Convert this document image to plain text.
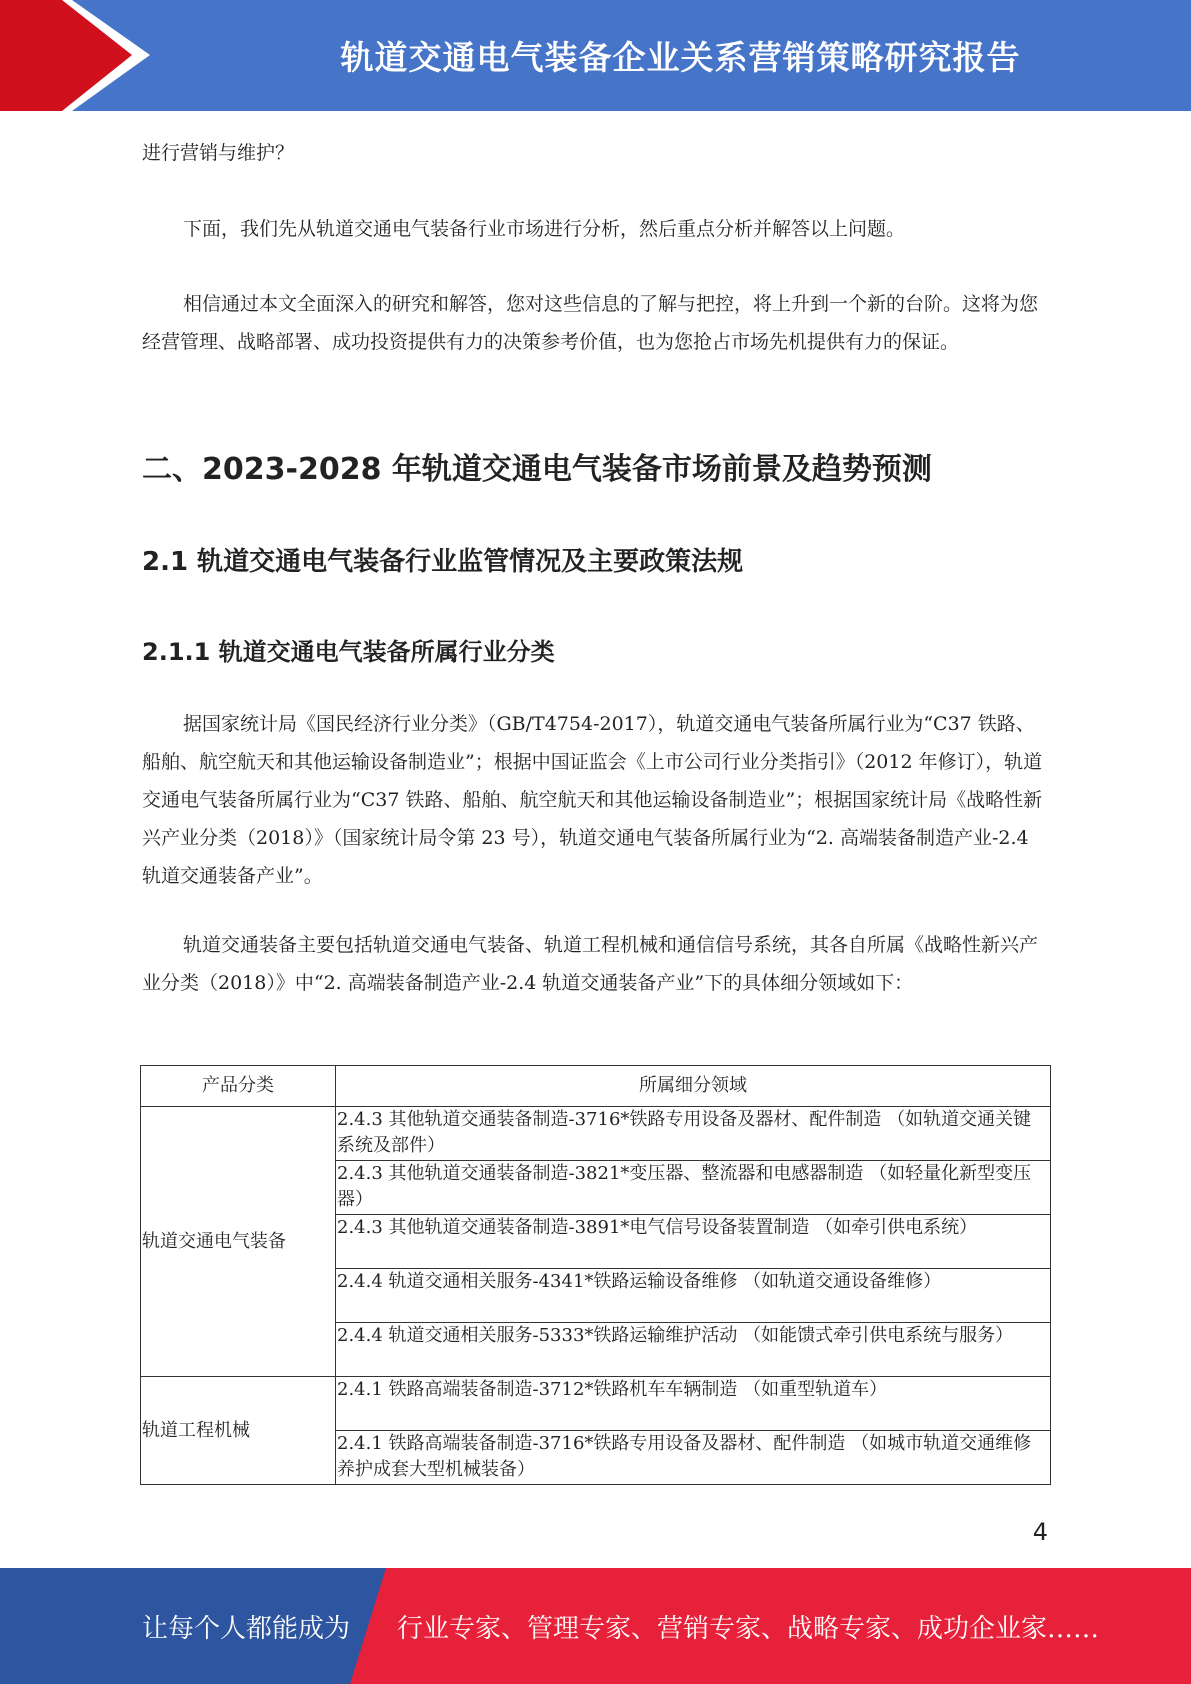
轨道交通电气装备企业关系营销策略研究报告

进行营销与维护？

下面，我们先从轨道交通电气装备行业市场进行分析，然后重点分析并解答以上问题。

相信通过本文全面深入的研究和解答，您对这些信息的了解与把控，将上升到一个新的台阶。这将为您经营管理、战略部署、成功投资提供有力的决策参考价值，也为您抢占市场先机提供有力的保证。

二、2023-2028 年轨道交通电气装备市场前景及趋势预测
2.1 轨道交通电气装备行业监管情况及主要政策法规
2.1.1 轨道交通电气装备所属行业分类

据国家统计局《国民经济行业分类》（GB/T4754-2017），轨道交通电气装备所属行业为“C37 铁路、船舶、航空航天和其他运输设备制造业”；根据中国证监会《上市公司行业分类指引》（2012 年修订），轨道交通电气装备所属行业为“C37 铁路、船舶、航空航天和其他运输设备制造业”；根据国家统计局《战略性新兴产业分类（2018）》（国家统计局令第 23 号），轨道交通电气装备所属行业为“2. 高端装备制造产业-2.4 轨道交通装备产业”。

轨道交通装备主要包括轨道交通电气装备、轨道工程机械和通信信号系统，其各自所属《战略性新兴产业分类（2018）》中“2. 高端装备制造产业-2.4 轨道交通装备产业”下的具体细分领域如下：

产品分类	所属细分领域
轨道交通电气装备	2.4.3 其他轨道交通装备制造-3716*铁路专用设备及器材、配件制造 （如轨道交通关键系统及部件）
	2.4.3 其他轨道交通装备制造-3821*变压器、整流器和电感器制造 （如轻量化新型变压器）
	2.4.3 其他轨道交通装备制造-3891*电气信号设备装置制造 （如牵引供电系统）
	2.4.4 轨道交通相关服务-4341*铁路运输设备维修 （如轨道交通设备维修）
	2.4.4 轨道交通相关服务-5333*铁路运输维护活动 （如能馈式牵引供电系统与服务）
轨道工程机械	2.4.1 铁路高端装备制造-3712*铁路机车车辆制造 （如重型轨道车）
	2.4.1 铁路高端装备制造-3716*铁路专用设备及器材、配件制造 （如城市轨道交通维修养护成套大型机械装备）
4
让每个人都能成为 行业专家、管理专家、营销专家、战略专家、成功企业家……
